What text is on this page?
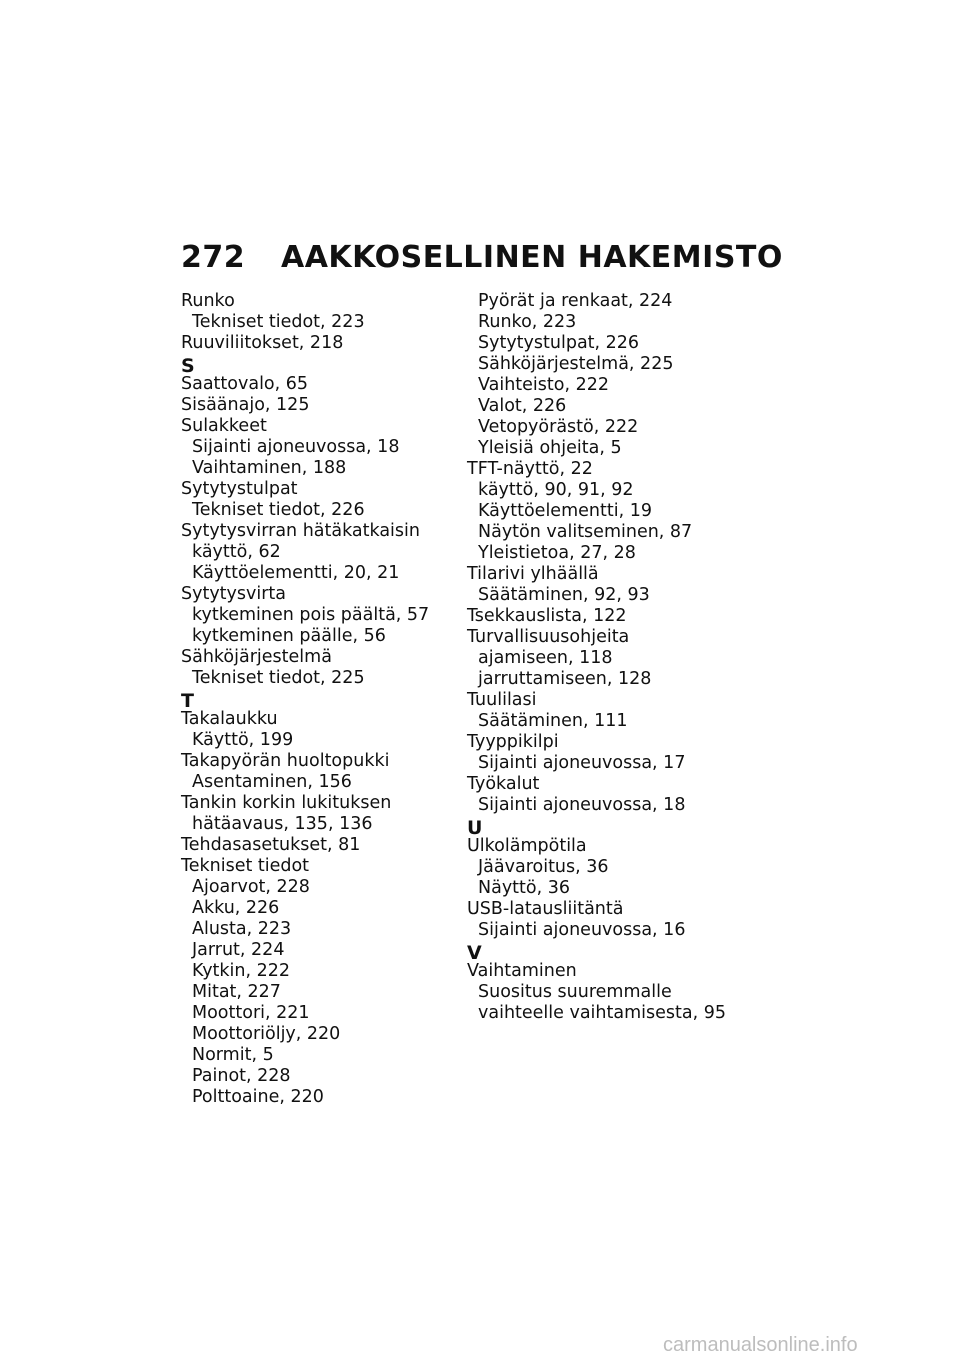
272 AAKKOSELLINEN HAKEMISTO
Runko
Tekniset tiedot, 223
Ruuviliitokset, 218
S
Saattovalo, 65
Sisäänajo, 125
Sulakkeet
Sijainti ajoneuvossa, 18
Vaihtaminen, 188
Sytytystulpat
Tekniset tiedot, 226
Sytytysvirran hätäkatkaisin
käyttö, 62
Käyttöelementti, 20, 21
Sytytysvirta
kytkeminen pois päältä, 57
kytkeminen päälle, 56
Sähköjärjestelmä
Tekniset tiedot, 225
T
Takalaukku
Käyttö, 199
Takapyörän huoltopukki
Asentaminen, 156
Tankin korkin lukituksen
hätäavaus, 135, 136
Tehdasasetukset, 81
Tekniset tiedot
Ajoarvot, 228
Akku, 226
Alusta, 223
Jarrut, 224
Kytkin, 222
Mitat, 227
Moottori, 221
Moottoriöljy, 220
Normit, 5
Painot, 228
Polttoaine, 220
Pyörät ja renkaat, 224
Runko, 223
Sytytystulpat, 226
Sähköjärjestelmä, 225
Vaihteisto, 222
Valot, 226
Vetopyörästö, 222
Yleisiä ohjeita, 5
TFT-näyttö, 22
käyttö, 90, 91, 92
Käyttöelementti, 19
Näytön valitseminen, 87
Yleistietoa, 27, 28
Tilarivi ylhäällä
Säätäminen, 92, 93
Tsekkauslista, 122
Turvallisuusohjeita
ajamiseen, 118
jarruttamiseen, 128
Tuulilasi
Säätäminen, 111
Tyyppikilpi
Sijainti ajoneuvossa, 17
Työkalut
Sijainti ajoneuvossa, 18
U
Ulkolämpötila
Jäävaroitus, 36
Näyttö, 36
USB-latausliitäntä
Sijainti ajoneuvossa, 16
V
Vaihtaminen
Suositus suuremmalle
vaihteelle vaihtamisesta, 95
carmanualsonline.info
